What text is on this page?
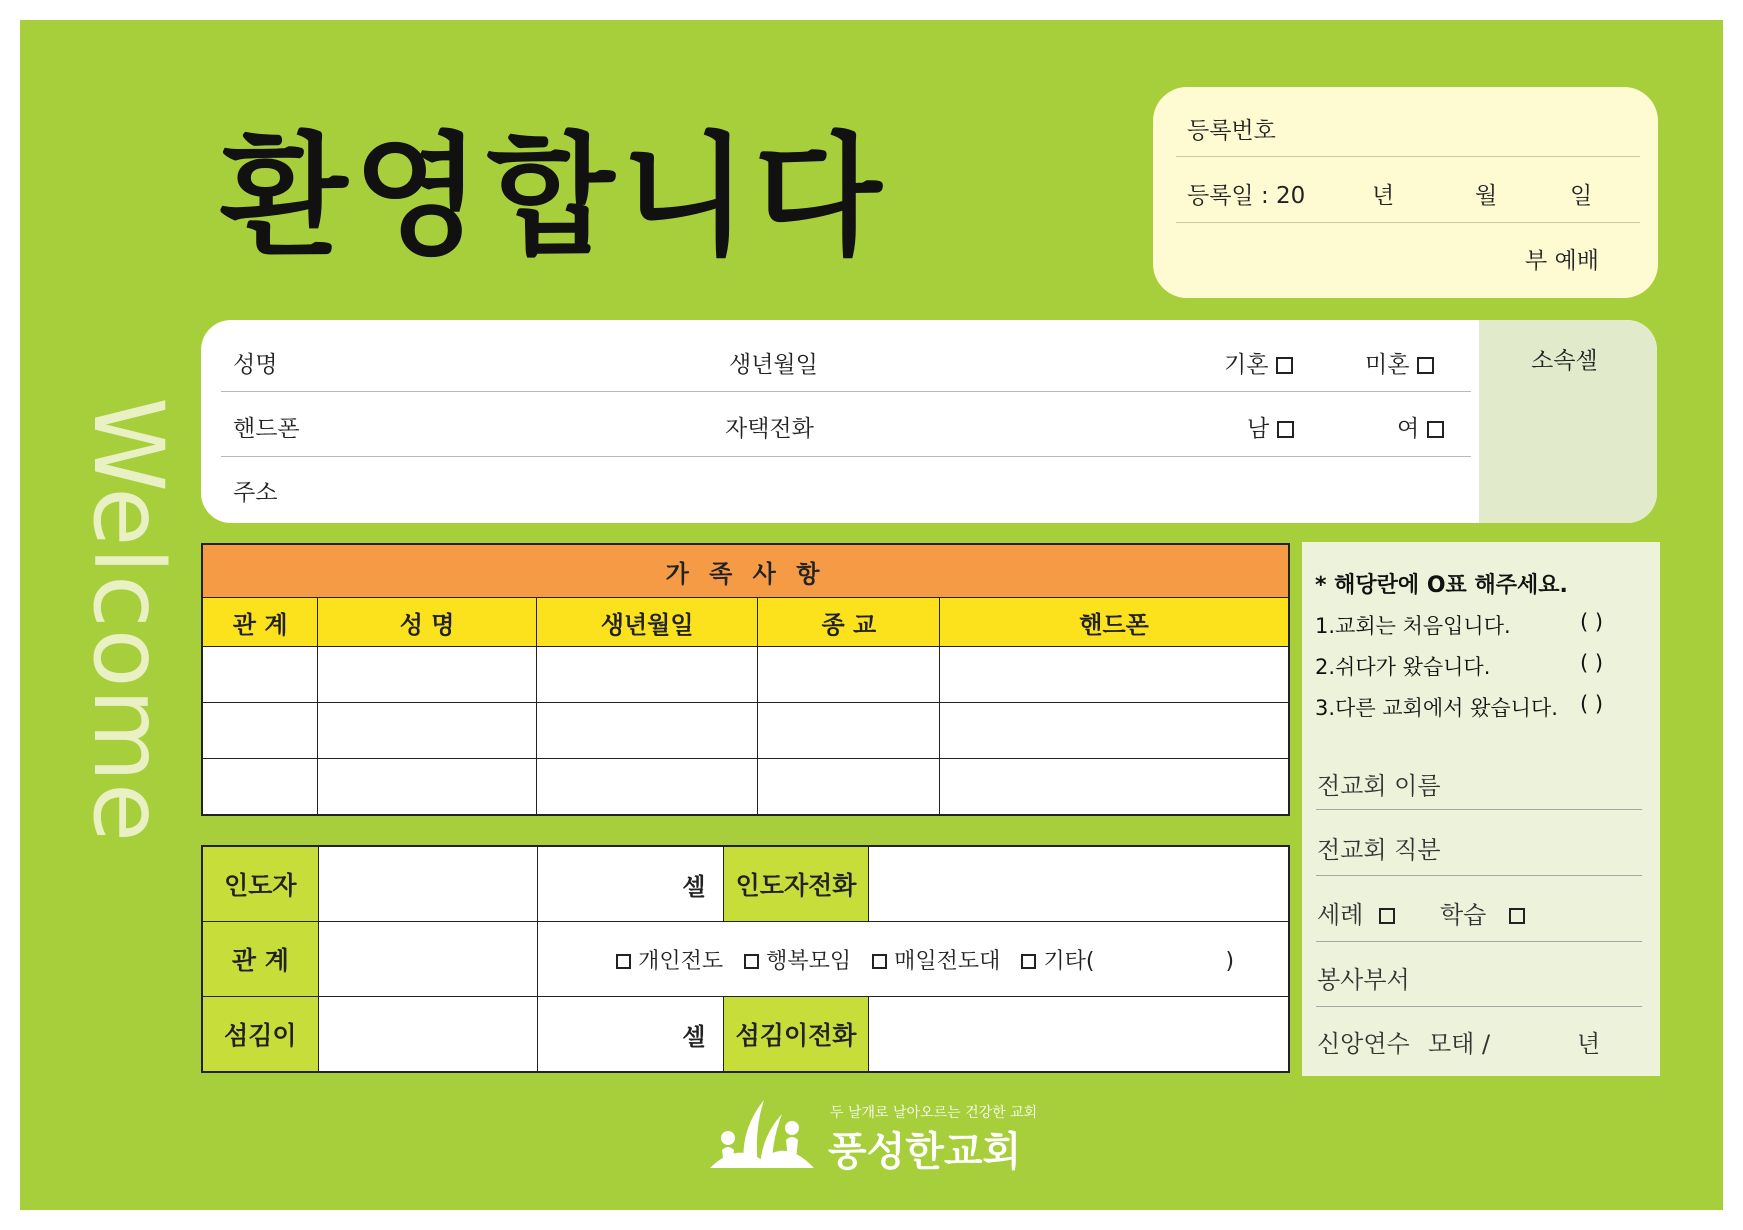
Welcome
환영합니다	등록번호
등록일 : 20	년	월	일
부 예배
소속셀
성명	생년월일	기혼	미혼
핸드폰	자택전화	남	여
주소
가 족 사 항				
관 계	성 명	생년월일	종 교	핸드폰

인도자		셀	인도자전화	
관 계		개인전도 행복모임 매일전도대 기타( )		
섬김이		셀	섬김이전화	
* 해당란에 O표 해주세요.
1.교회는 처음입니다.	( )
2.쉬다가 왔습니다.	( )
3.다른 교회에서 왔습니다. ( )
전교회 이름
전교회 직분
세례	학습
봉사부서
신앙연수 모태 /	년
두 날개로 날아오르는 건강한 교회
풍성한교회
